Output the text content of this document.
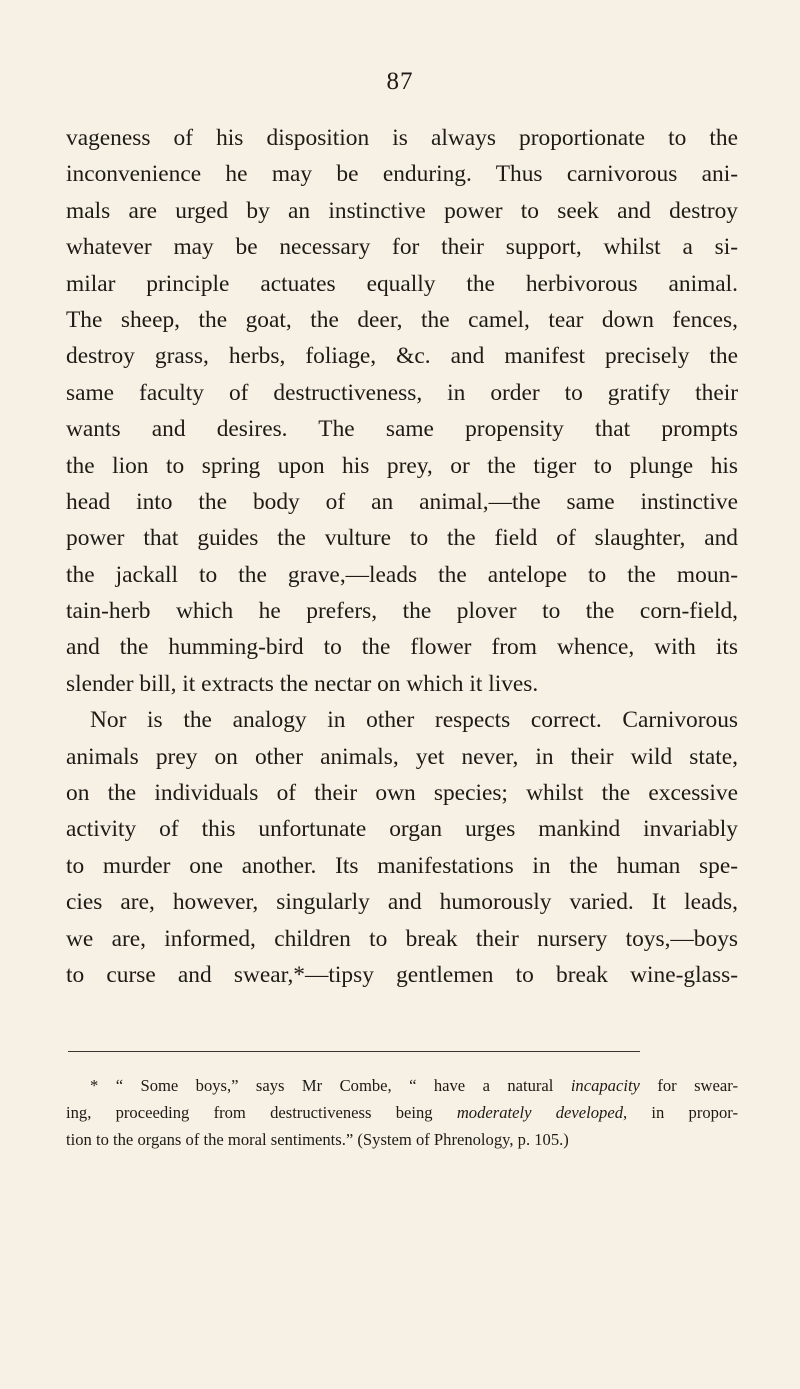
87
vageness of his disposition is always proportionate to the
inconvenience he may be enduring. Thus carnivorous ani-
mals are urged by an instinctive power to seek and destroy
whatever may be necessary for their support, whilst a si-
milar principle actuates equally the herbivorous animal.
The sheep, the goat, the deer, the camel, tear down fences,
destroy grass, herbs, foliage, &c. and manifest precisely the
same faculty of destructiveness, in order to gratify their
wants and desires. The same propensity that prompts
the lion to spring upon his prey, or the tiger to plunge his
head into the body of an animal,—the same instinctive
power that guides the vulture to the field of slaughter, and
the jackall to the grave,—leads the antelope to the moun-
tain-herb which he prefers, the plover to the corn-field,
and the humming-bird to the flower from whence, with its
slender bill, it extracts the nectar on which it lives.
Nor is the analogy in other respects correct. Carnivorous
animals prey on other animals, yet never, in their wild state,
on the individuals of their own species; whilst the excessive
activity of this unfortunate organ urges mankind invariably
to murder one another. Its manifestations in the human spe-
cies are, however, singularly and humorously varied. It leads,
we are, informed, children to break their nursery toys,—boys
to curse and swear,*—tipsy gentlemen to break wine-glass-
* “ Some boys,” says Mr Combe, “ have a natural incapacity for swear-
ing, proceeding from destructiveness being moderately developed, in propor-
tion to the organs of the moral sentiments.” (System of Phrenology, p. 105.)
